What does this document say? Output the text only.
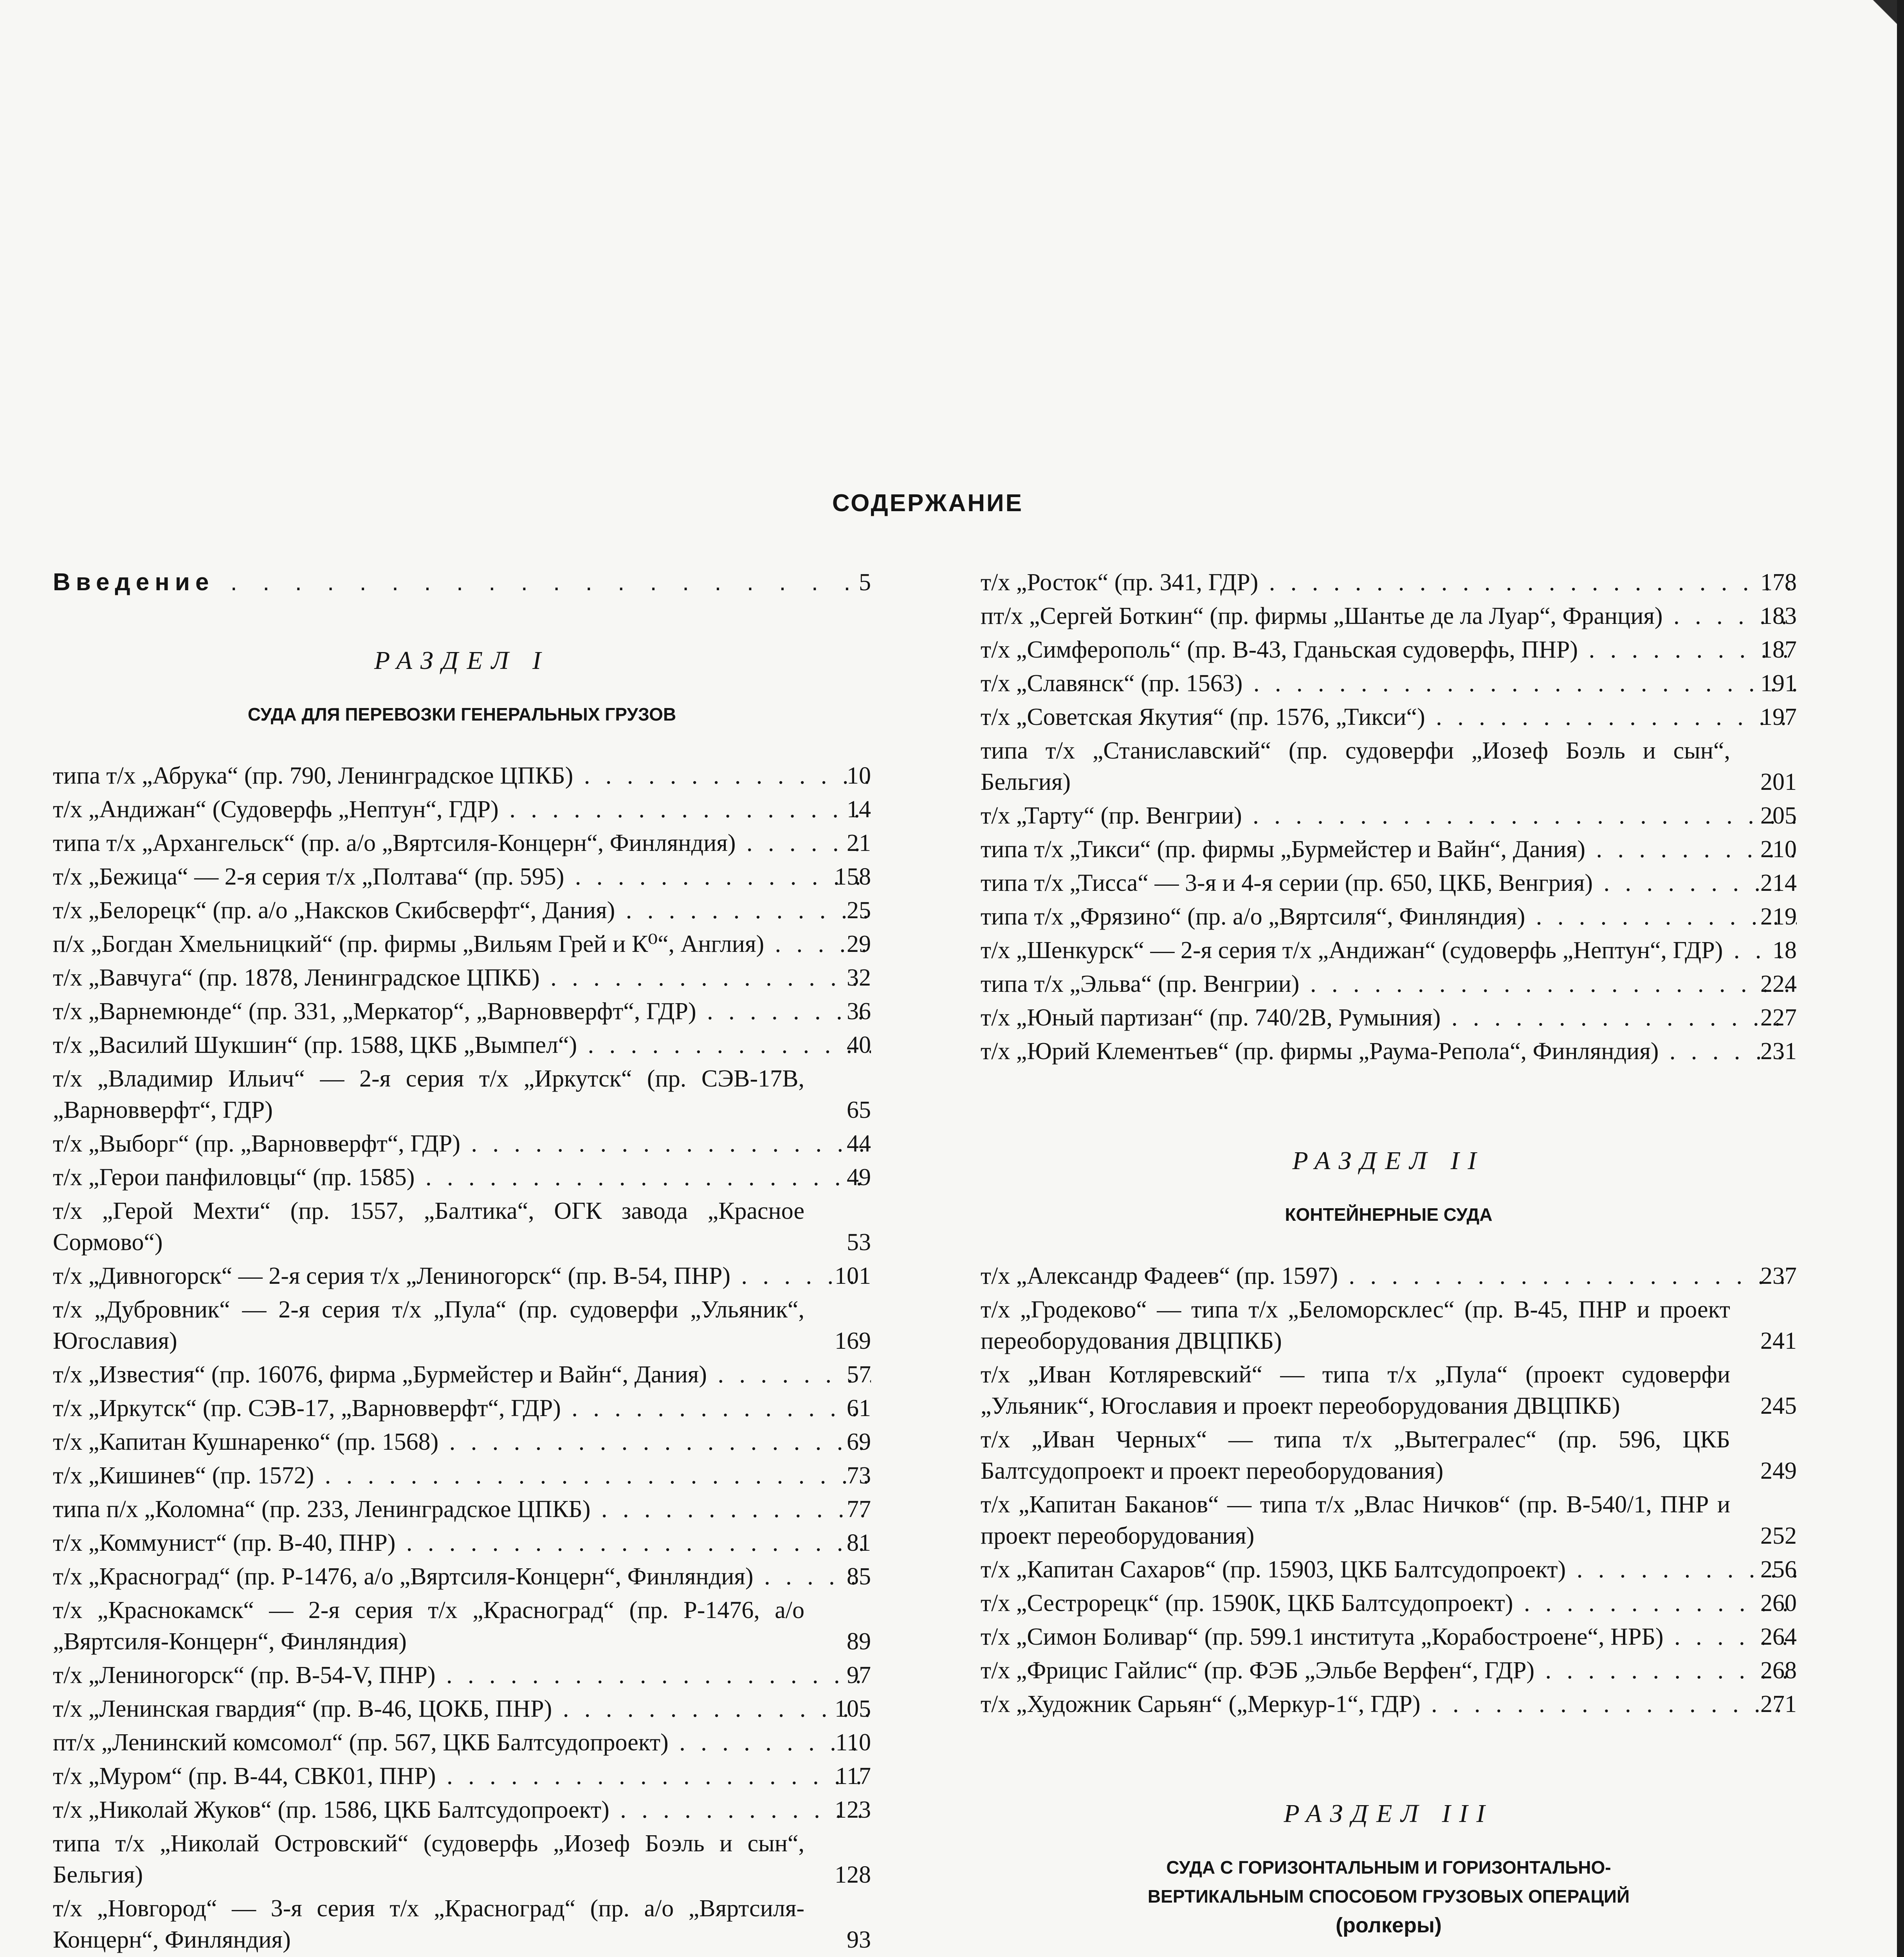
СОДЕРЖАНИЕ
Введение . . .	5
РАЗДЕЛ I
СУДА ДЛЯ ПЕРЕВОЗКИ ГЕНЕРАЛЬНЫХ ГРУЗОВ
типа т/х „Абрука“ (пр. 790, Ленинградское ЦПКБ) . . .	10
т/х „Андижан“ (Судоверфь „Нептун“, ГДР) . . .	14
типа т/х „Архангельск“ (пр. а/о „Вяртсиля-Концерн“, Финляндия) . . .	21
т/х „Бежица“ — 2-я серия т/х „Полтава“ (пр. 595) . . .	158
т/х „Белорецк“ (пр. а/о „Наксков Скибсверфт“, Дания) . . .	25
п/х „Богдан Хмельницкий“ (пр. фирмы „Вильям Грей и К⁰“, Англия) . . .	29
т/х „Вавчуга“ (пр. 1878, Ленинградское ЦПКБ) . . .	32
т/х „Варнемюнде“ (пр. 331, „Меркатор“, „Варновверфт“, ГДР) . . .	36
т/х „Василий Шукшин“ (пр. 1588, ЦКБ „Вымпел“) . . .	40
т/х „Владимир Ильич“ — 2-я серия т/х „Иркутск“ (пр. СЭВ-17В, „Варновверфт“, ГДР)	65
т/х „Выборг“ (пр. „Варновверфт“, ГДР) . . .	44
т/х „Герои панфиловцы“ (пр. 1585) . . .	49
т/х „Герой Мехти“ (пр. 1557, „Балтика“, ОГК завода „Красное Сормово“)	53
т/х „Дивногорск“ — 2-я серия т/х „Лениногорск“ (пр. В-54, ПНР) . . .	101
т/х „Дубровник“ — 2-я серия т/х „Пула“ (пр. судоверфи „Ульяник“, Югославия)	169
т/х „Известия“ (пр. 16076, фирма „Бурмейстер и Вайн“, Дания) . . .	57
т/х „Иркутск“ (пр. СЭВ-17, „Варновверфт“, ГДР) . . .	61
т/х „Капитан Кушнаренко“ (пр. 1568) . . .	69
т/х „Кишинев“ (пр. 1572) . . .	73
типа п/х „Коломна“ (пр. 233, Ленинградское ЦПКБ) . . .	77
т/х „Коммунист“ (пр. В-40, ПНР) . . .	81
т/х „Красноград“ (пр. Р-1476, а/о „Вяртсиля-Концерн“, Финляндия) . . .	85
т/х „Краснокамск“ — 2-я серия т/х „Красноград“ (пр. Р-1476, а/о „Вяртсиля-Концерн“, Финляндия)	89
т/х „Лениногорск“ (пр. В-54-V, ПНР) . . .	97
т/х „Ленинская гвардия“ (пр. В-46, ЦОКБ, ПНР) . . .	105
пт/х „Ленинский комсомол“ (пр. 567, ЦКБ Балтсудопроект) . . .	110
т/х „Муром“ (пр. В-44, СВК01, ПНР) . . .	117
т/х „Николай Жуков“ (пр. 1586, ЦКБ Балтсудопроект) . . .	123
типа т/х „Николай Островский“ (судоверфь „Иозеф Боэль и сын“, Бельгия)	128
т/х „Новгород“ — 3-я серия т/х „Красноград“ (пр. а/о „Вяртсиля-Концерн“, Финляндия)	93
т/х „Росток“ (пр. 341, ГДР) . . .	178
пт/х „Сергей Боткин“ (пр. фирмы „Шантье де ла Луар“, Франция) . . .	183
т/х „Симферополь“ (пр. В-43, Гданьская судоверфь, ПНР) . . .	187
т/х „Славянск“ (пр. 1563) . . .	191
т/х „Советская Якутия“ (пр. 1576, „Тикси“) . . .	197
типа т/х „Станиславский“ (пр. судоверфи „Иозеф Боэль и сын“, Бельгия)	201
т/х „Тарту“ (пр. Венгрии) . . .	205
типа т/х „Тикси“ (пр. фирмы „Бурмейстер и Вайн“, Дания) . . .	210
типа т/х „Тисса“ — 3-я и 4-я серии (пр. 650, ЦКБ, Венгрия) . . .	214
типа т/х „Фрязино“ (пр. а/о „Вяртсиля“, Финляндия) . . .	219
т/х „Шенкурск“ — 2-я серия т/х „Андижан“ (судоверфь „Нептун“, ГДР) . . .	18
типа т/х „Эльва“ (пр. Венгрии) . . .	224
т/х „Юный партизан“ (пр. 740/2В, Румыния) . . .	227
т/х „Юрий Клементьев“ (пр. фирмы „Раума-Репола“, Финляндия) . . .	231
РАЗДЕЛ II
КОНТЕЙНЕРНЫЕ СУДА
т/х „Александр Фадеев“ (пр. 1597) . . .	237
т/х „Гродеково“ — типа т/х „Беломорсклес“ (пр. В-45, ПНР и проект переоборудования ДВЦПКБ)	241
т/х „Иван Котляревский“ — типа т/х „Пула“ (проект судоверфи „Ульяник“, Югославия и проект переоборудования ДВЦПКБ)	245
т/х „Иван Черных“ — типа т/х „Вытегралес“ (пр. 596, ЦКБ Балтсудопроект и проект переоборудования)	249
т/х „Капитан Баканов“ — типа т/х „Влас Ничков“ (пр. В-540/1, ПНР и проект переоборудования)	252
т/х „Капитан Сахаров“ (пр. 15903, ЦКБ Балтсудопроект) . . .	256
т/х „Сестрорецк“ (пр. 1590К, ЦКБ Балтсудопроект) . . .	260
т/х „Симон Боливар“ (пр. 599.1 института „Корабостроене“, НРБ) . . .	264
т/х „Фрицис Гайлис“ (пр. ФЭБ „Эльбе Верфен“, ГДР) . . .	268
т/х „Художник Сарьян“ („Меркур-1“, ГДР) . . .	271
РАЗДЕЛ III
СУДА С ГОРИЗОНТАЛЬНЫМ И ГОРИЗОНТАЛЬНО-
ВЕРТИКАЛЬНЫМ СПОСОБОМ ГРУЗОВЫХ ОПЕРАЦИЙ
(ролкеры)
